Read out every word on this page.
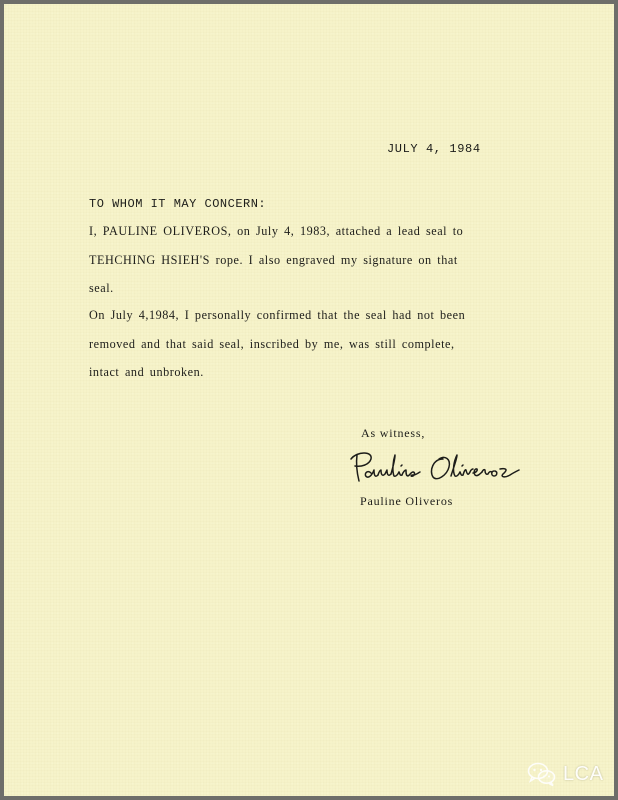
JULY 4, 1984
TO WHOM IT MAY CONCERN:
I, PAULINE OLIVEROS, on July 4, 1983, attached a lead seal to
TEHCHING HSIEH'S rope. I also engraved my signature on that
seal.
On July 4,1984, I personally confirmed that the seal had not been
removed and that said seal, inscribed by me, was still complete,
intact and unbroken.
As witness,
Pauline Oliveros
LCA
